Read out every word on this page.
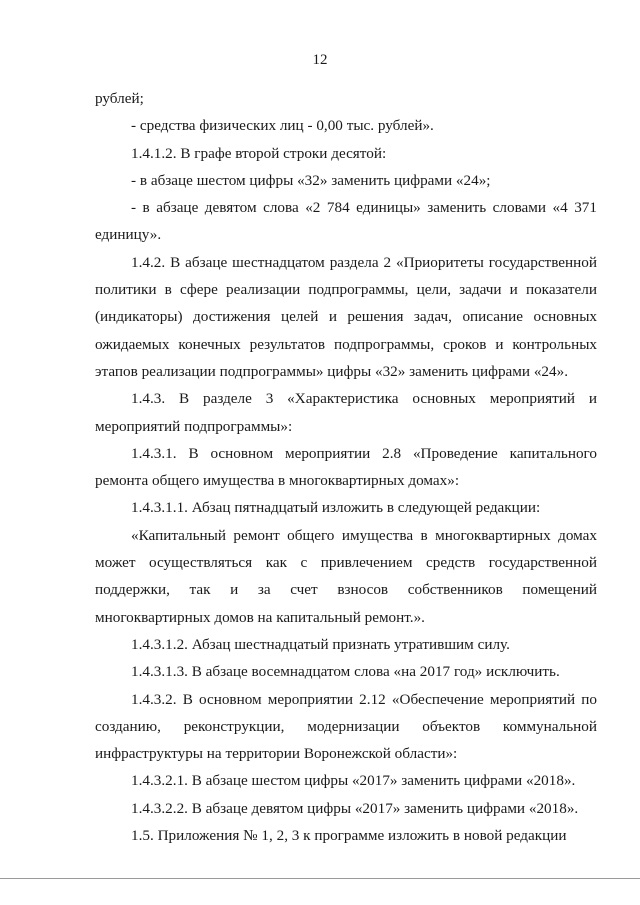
12

рублей;

- средства физических лиц - 0,00 тыс. рублей».

1.4.1.2. В графе второй строки десятой:

- в абзаце шестом цифры «32» заменить цифрами «24»;

- в абзаце девятом слова «2 784 единицы» заменить словами «4 371 единицу».

1.4.2. В абзаце шестнадцатом раздела 2 «Приоритеты государственной политики в сфере реализации подпрограммы, цели, задачи и показатели (индикаторы) достижения целей и решения задач, описание основных ожидаемых конечных результатов подпрограммы, сроков и контрольных этапов реализации подпрограммы» цифры «32» заменить цифрами «24».

1.4.3. В разделе 3 «Характеристика основных мероприятий и мероприятий подпрограммы»:

1.4.3.1. В основном мероприятии 2.8 «Проведение капитального ремонта общего имущества в многоквартирных домах»:

1.4.3.1.1. Абзац пятнадцатый изложить в следующей редакции:

«Капитальный ремонт общего имущества в многоквартирных домах может осуществляться как с привлечением средств государственной поддержки, так и за счет взносов собственников помещений многоквартирных домов на капитальный ремонт.».

1.4.3.1.2. Абзац шестнадцатый признать утратившим силу.

1.4.3.1.3. В абзаце восемнадцатом слова «на 2017 год» исключить.

1.4.3.2. В основном мероприятии 2.12 «Обеспечение мероприятий по созданию, реконструкции, модернизации объектов коммунальной инфраструктуры на территории Воронежской области»:

1.4.3.2.1. В абзаце шестом цифры «2017» заменить цифрами «2018».

1.4.3.2.2. В абзаце девятом цифры «2017» заменить цифрами «2018».

1.5. Приложения № 1, 2, 3 к программе изложить в новой редакции
